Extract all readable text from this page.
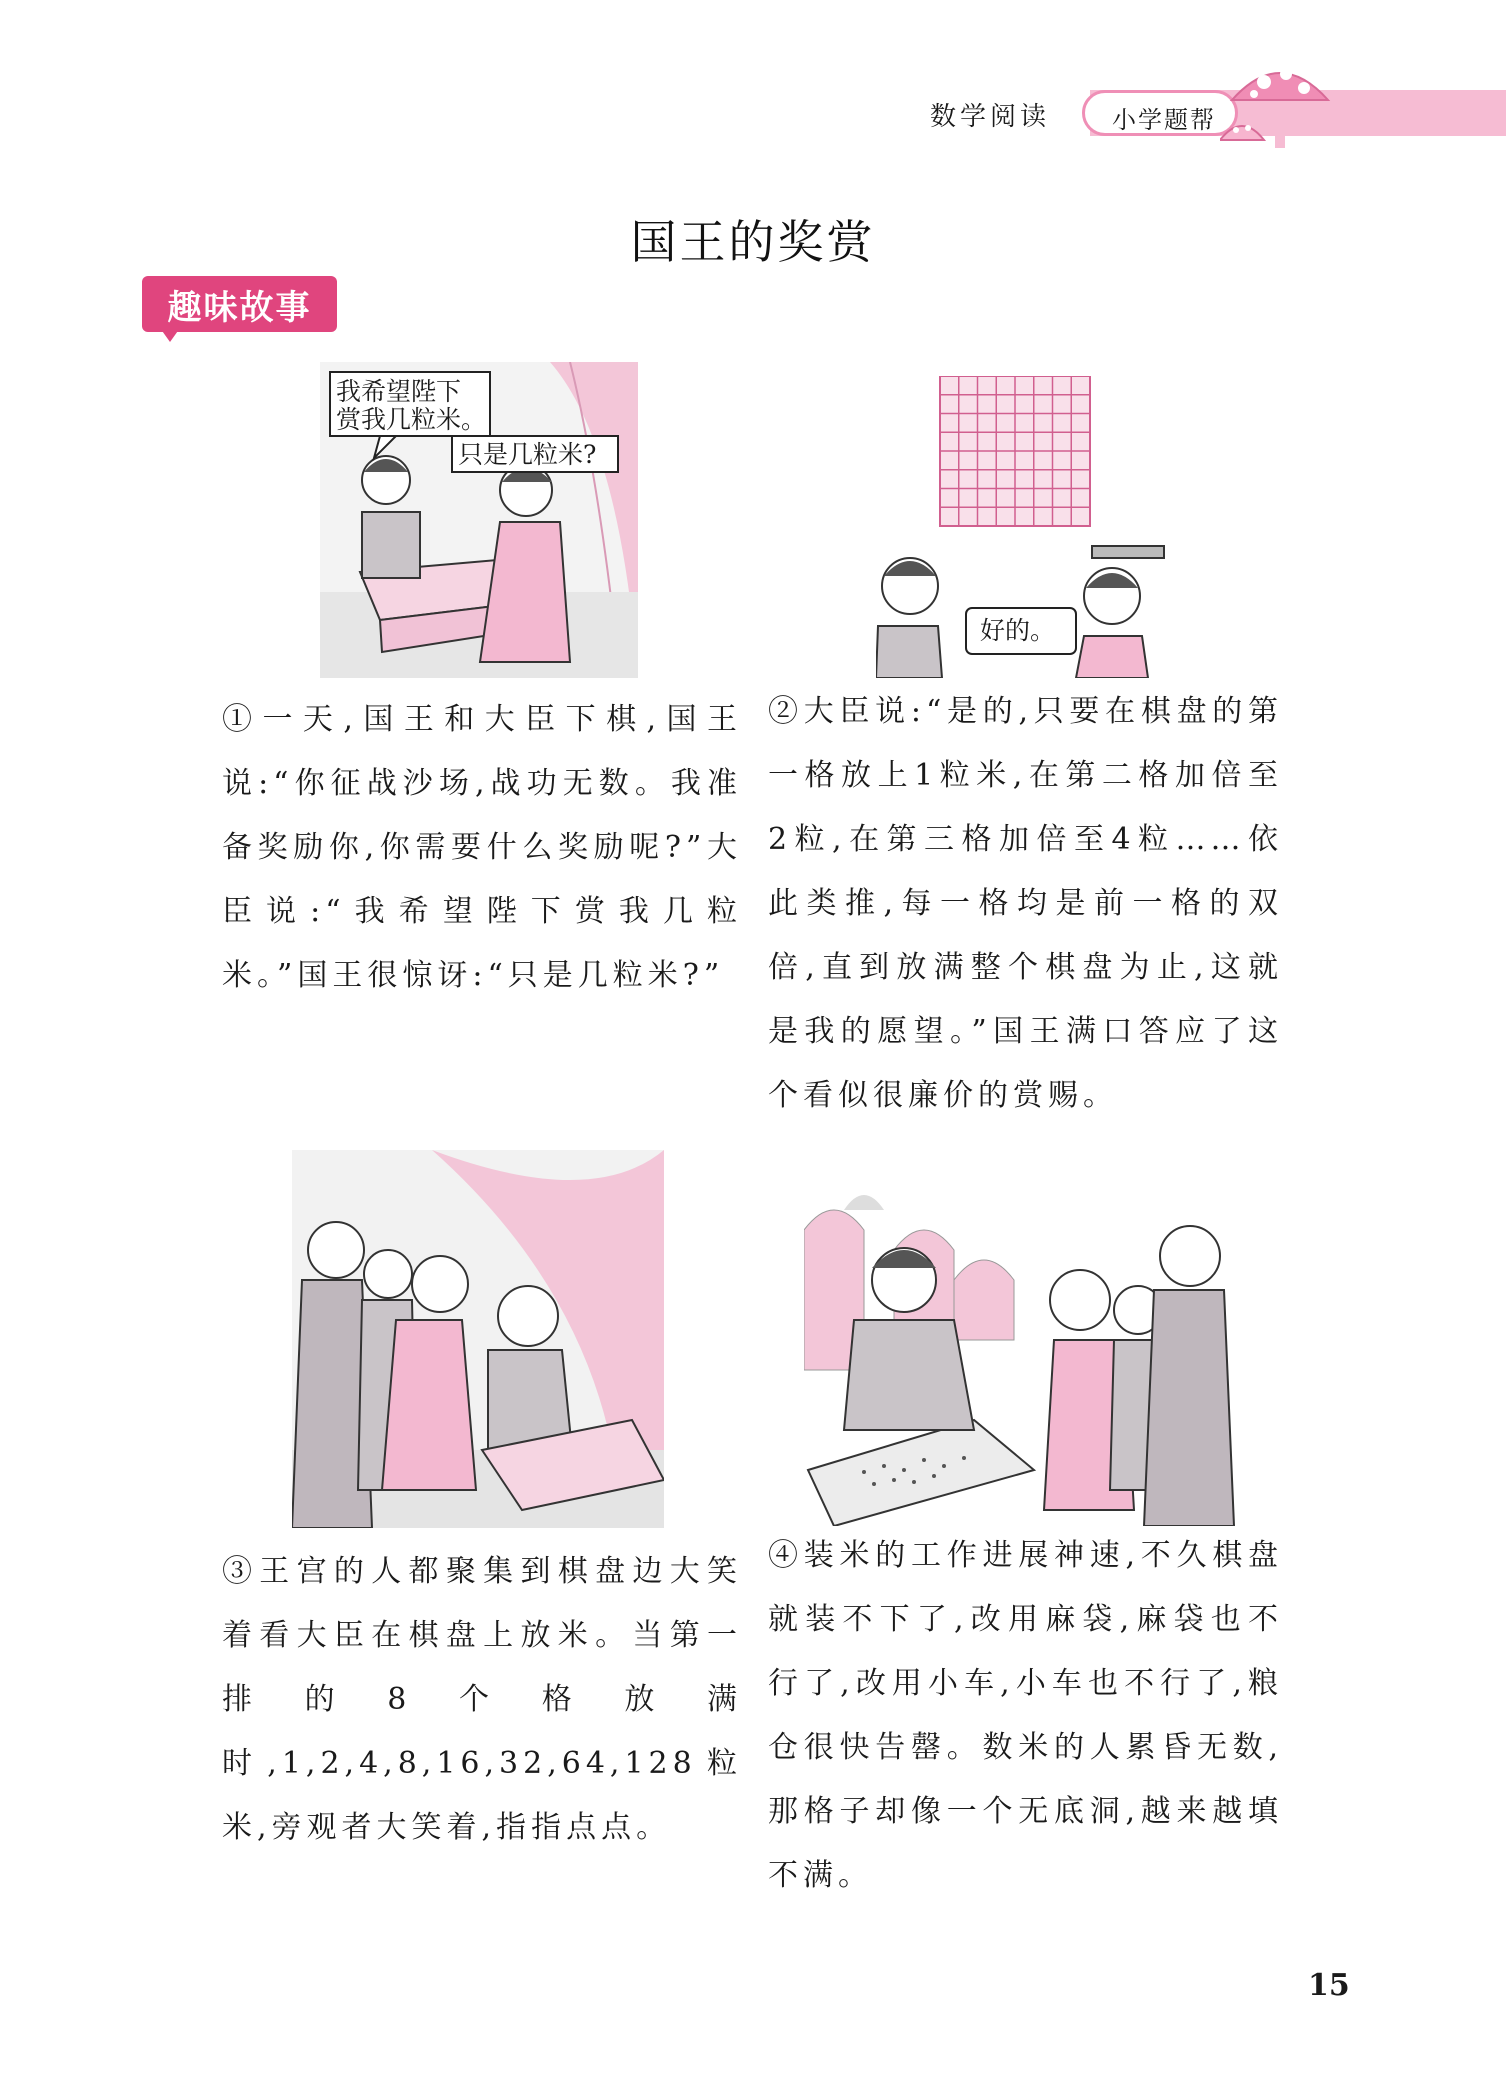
数学阅读	小学题帮
国王的奖赏
趣味故事
我希望陛下
赏我几粒米。
只是几粒米?
好的。
①一天,国王和大臣下棋,国王说:“你征战沙场,战功无数。我准备奖励你,你需要什么奖励呢?”大臣说:“我希望陛下赏我几粒米。”国王很惊讶:“只是几粒米?”
②大臣说:“是的,只要在棋盘的第一格放上1粒米,在第二格加倍至2粒,在第三格加倍至4粒……依此类推,每一格均是前一格的双倍,直到放满整个棋盘为止,这就是我的愿望。”国王满口答应了这个看似很廉价的赏赐。
③王宫的人都聚集到棋盘边大笑着看大臣在棋盘上放米。当第一排的8个格放满时,1,2,4,8,16,32,64,128粒米,旁观者大笑着,指指点点。
④装米的工作进展神速,不久棋盘就装不下了,改用麻袋,麻袋也不行了,改用小车,小车也不行了,粮仓很快告罄。数米的人累昏无数,那格子却像一个无底洞,越来越填不满。
15
